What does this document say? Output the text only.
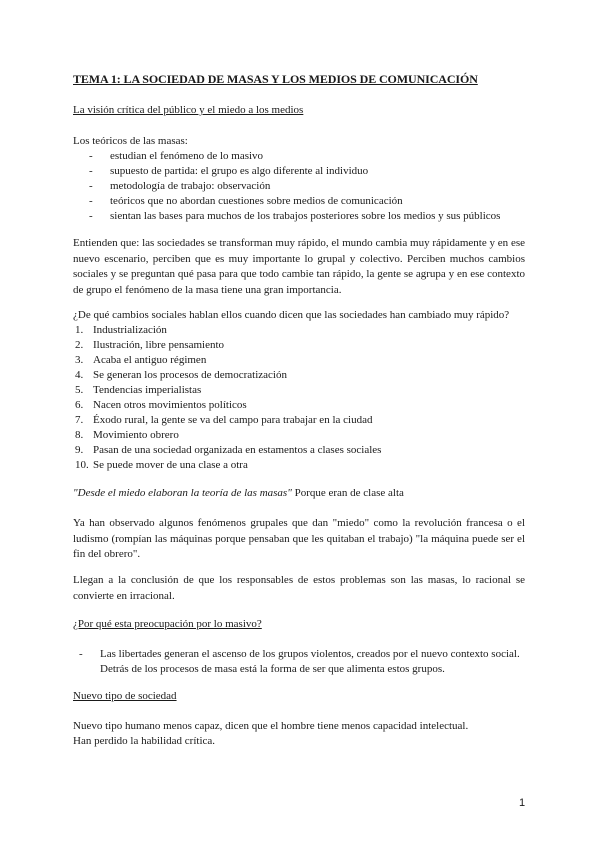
TEMA 1: LA SOCIEDAD DE MASAS Y LOS MEDIOS DE COMUNICACIÓN
La visión crítica del público y el miedo a los medios
Los teóricos de las masas:
- estudian el fenómeno de lo masivo
- supuesto de partida: el grupo es algo diferente al individuo
- metodología de trabajo: observación
- teóricos que no abordan cuestiones sobre medios de comunicación
- sientan las bases para muchos de los trabajos posteriores sobre los medios y sus públicos
Entienden que: las sociedades se transforman muy rápido, el mundo cambia muy rápidamente y en ese nuevo escenario, perciben que es muy importante lo grupal y colectivo. Perciben muchos cambios sociales y se preguntan qué pasa para que todo cambie tan rápido, la gente se agrupa y en ese contexto de grupo el fenómeno de la masa tiene una gran importancia.
¿De qué cambios sociales hablan ellos cuando dicen que las sociedades han cambiado muy rápido?
1. Industrialización
2. Ilustración, libre pensamiento
3. Acaba el antiguo régimen
4. Se generan los procesos de democratización
5. Tendencias imperialistas
6. Nacen otros movimientos políticos
7. Éxodo rural, la gente se va del campo para trabajar en la ciudad
8. Movimiento obrero
9. Pasan de una sociedad organizada en estamentos a clases sociales
10. Se puede mover de una clase a otra
"Desde el miedo elaboran la teoría de las masas" Porque eran de clase alta
Ya han observado algunos fenómenos grupales que dan "miedo" como la revolución francesa o el ludismo (rompían las máquinas porque pensaban que les quitaban el trabajo) "la máquina puede ser el fin del obrero".
Llegan a la conclusión de que los responsables de estos problemas son las masas, lo racional se convierte en irracional.
¿Por qué esta preocupación por lo masivo?
- Las libertades generan el ascenso de los grupos violentos, creados por el nuevo contexto social.
Detrás de los procesos de masa está la forma de ser que alimenta estos grupos.
Nuevo tipo de sociedad
Nuevo tipo humano menos capaz, dicen que el hombre tiene menos capacidad intelectual.
Han perdido la habilidad crítica.
1
